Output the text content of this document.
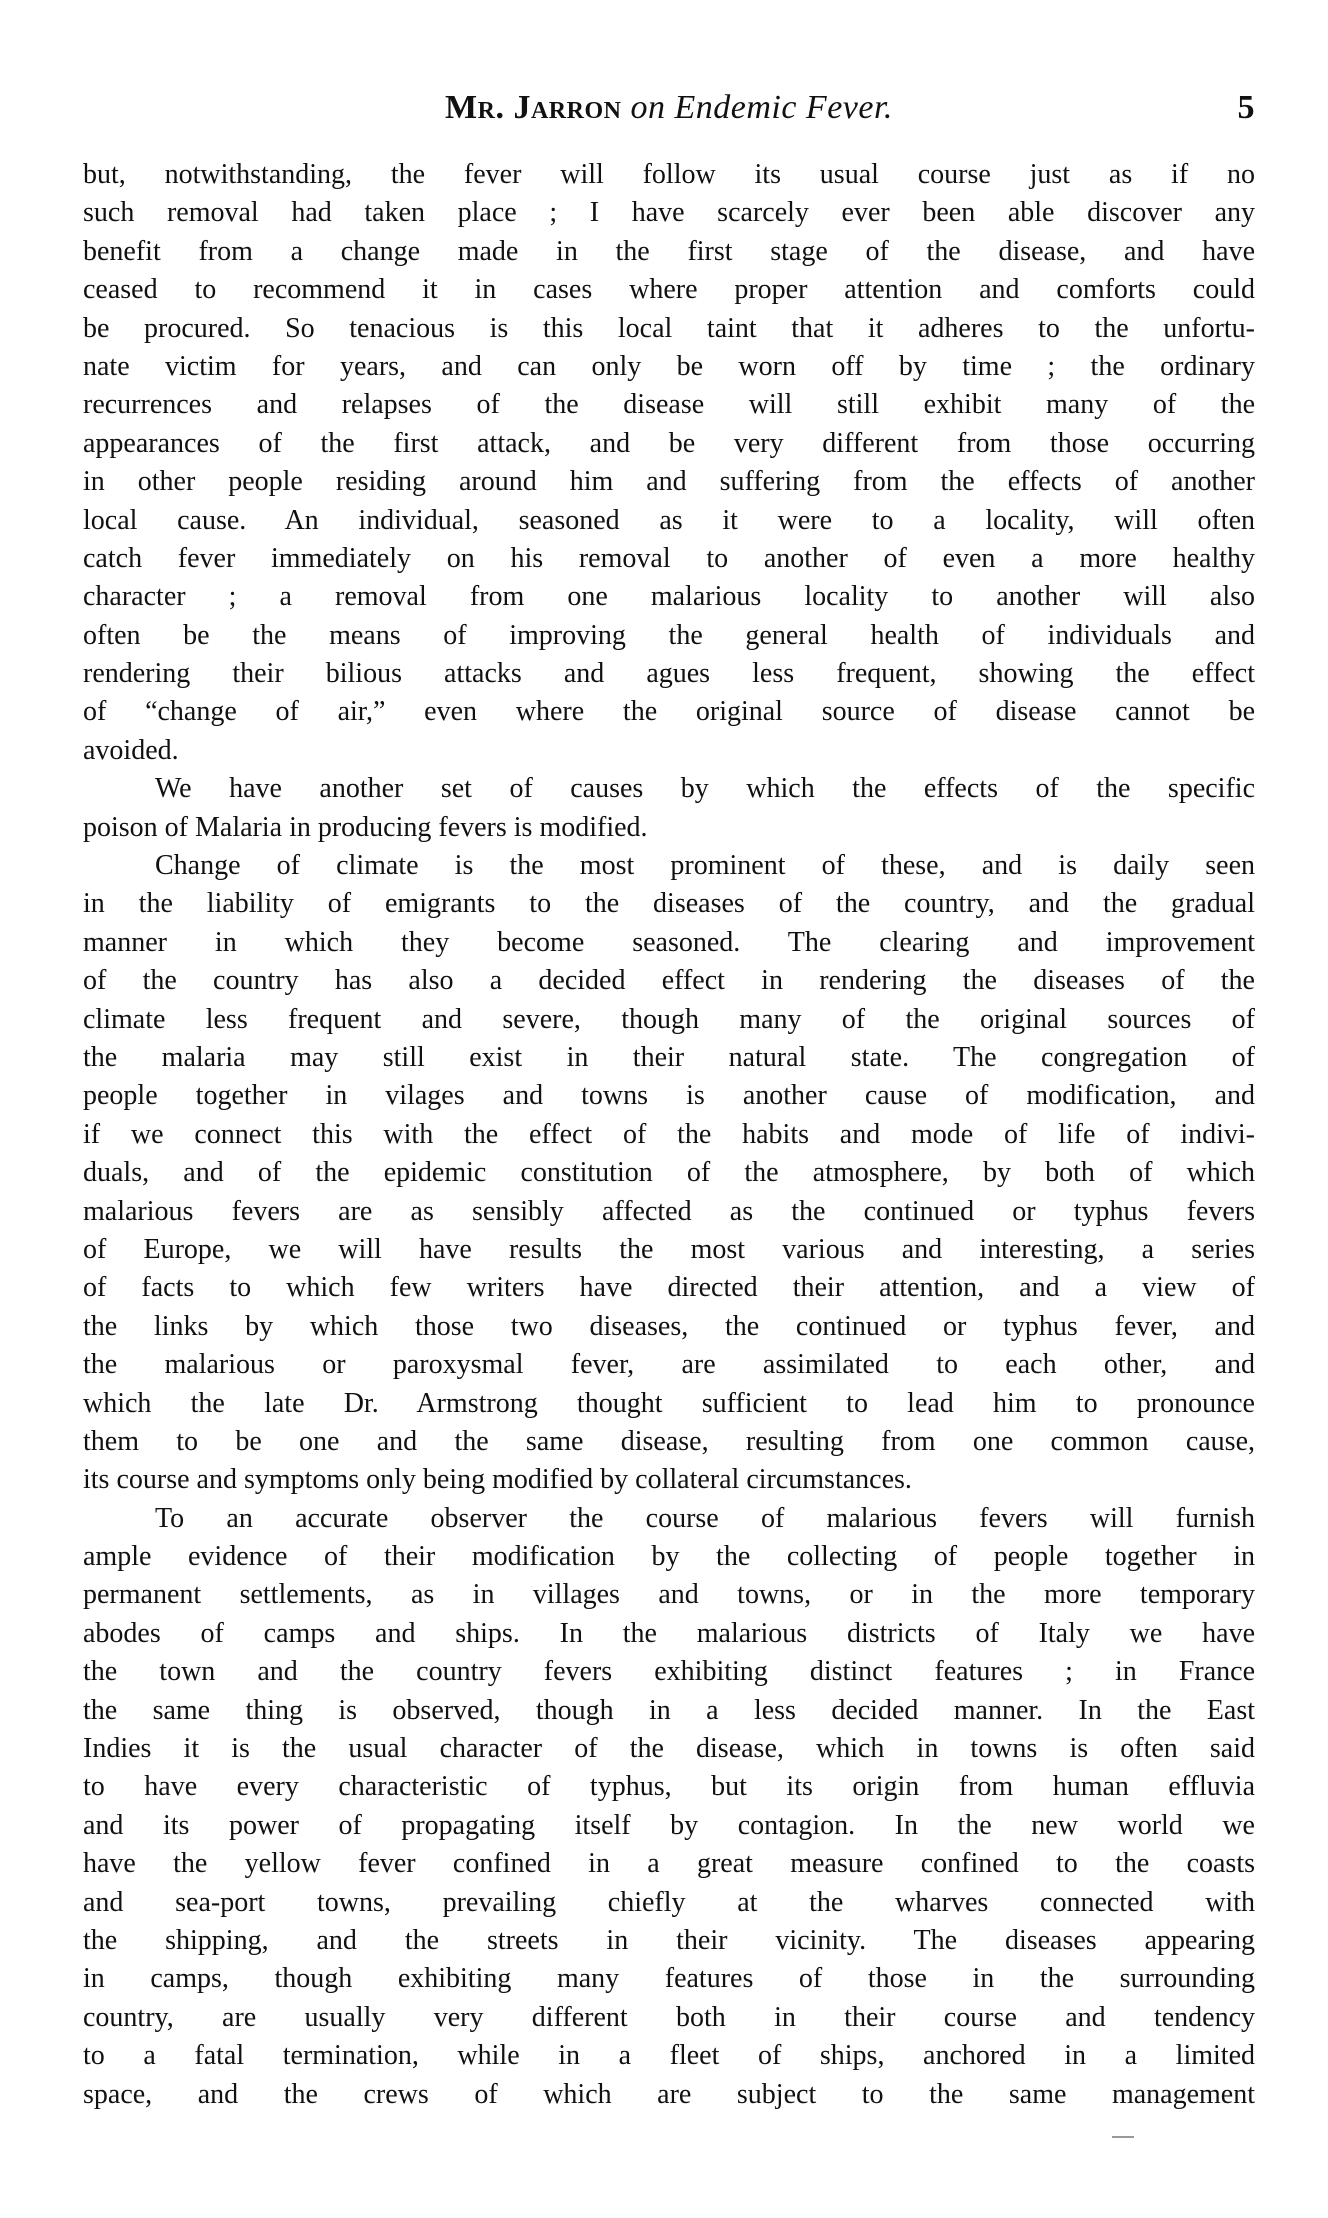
Mr. Jarron on Endemic Fever.	5
but, notwithstanding, the fever will follow its usual course just as if no
such removal had taken place ; I have scarcely ever been able discover any
benefit from a change made in the first stage of the disease, and have
ceased to recommend it in cases where proper attention and comforts could
be procured. So tenacious is this local taint that it adheres to the unfortu-
nate victim for years, and can only be worn off by time ; the ordinary
recurrences and relapses of the disease will still exhibit many of the
appearances of the first attack, and be very different from those occurring
in other people residing around him and suffering from the effects of another
local cause. An individual, seasoned as it were to a locality, will often
catch fever immediately on his removal to another of even a more healthy
character ; a removal from one malarious locality to another will also
often be the means of improving the general health of individuals and
rendering their bilious attacks and agues less frequent, showing the effect
of “change of air,” even where the original source of disease cannot be
avoided.
We have another set of causes by which the effects of the specific
poison of Malaria in producing fevers is modified.
Change of climate is the most prominent of these, and is daily seen
in the liability of emigrants to the diseases of the country, and the gradual
manner in which they become seasoned. The clearing and improvement
of the country has also a decided effect in rendering the diseases of the
climate less frequent and severe, though many of the original sources of
the malaria may still exist in their natural state. The congregation of
people together in vilages and towns is another cause of modification, and
if we connect this with the effect of the habits and mode of life of indivi-
duals, and of the epidemic constitution of the atmosphere, by both of which
malarious fevers are as sensibly affected as the continued or typhus fevers
of Europe, we will have results the most various and interesting, a series
of facts to which few writers have directed their attention, and a view of
the links by which those two diseases, the continued or typhus fever, and
the malarious or paroxysmal fever, are assimilated to each other, and
which the late Dr. Armstrong thought sufficient to lead him to pronounce
them to be one and the same disease, resulting from one common cause,
its course and symptoms only being modified by collateral circumstances.
To an accurate observer the course of malarious fevers will furnish
ample evidence of their modification by the collecting of people together in
permanent settlements, as in villages and towns, or in the more temporary
abodes of camps and ships. In the malarious districts of Italy we have
the town and the country fevers exhibiting distinct features ; in France
the same thing is observed, though in a less decided manner. In the East
Indies it is the usual character of the disease, which in towns is often said
to have every characteristic of typhus, but its origin from human effluvia
and its power of propagating itself by contagion. In the new world we
have the yellow fever confined in a great measure confined to the coasts
and sea-port towns, prevailing chiefly at the wharves connected with
the shipping, and the streets in their vicinity. The diseases appearing
in camps, though exhibiting many features of those in the surrounding
country, are usually very different both in their course and tendency
to a fatal termination, while in a fleet of ships, anchored in a limited
space, and the crews of which are subject to the same management
